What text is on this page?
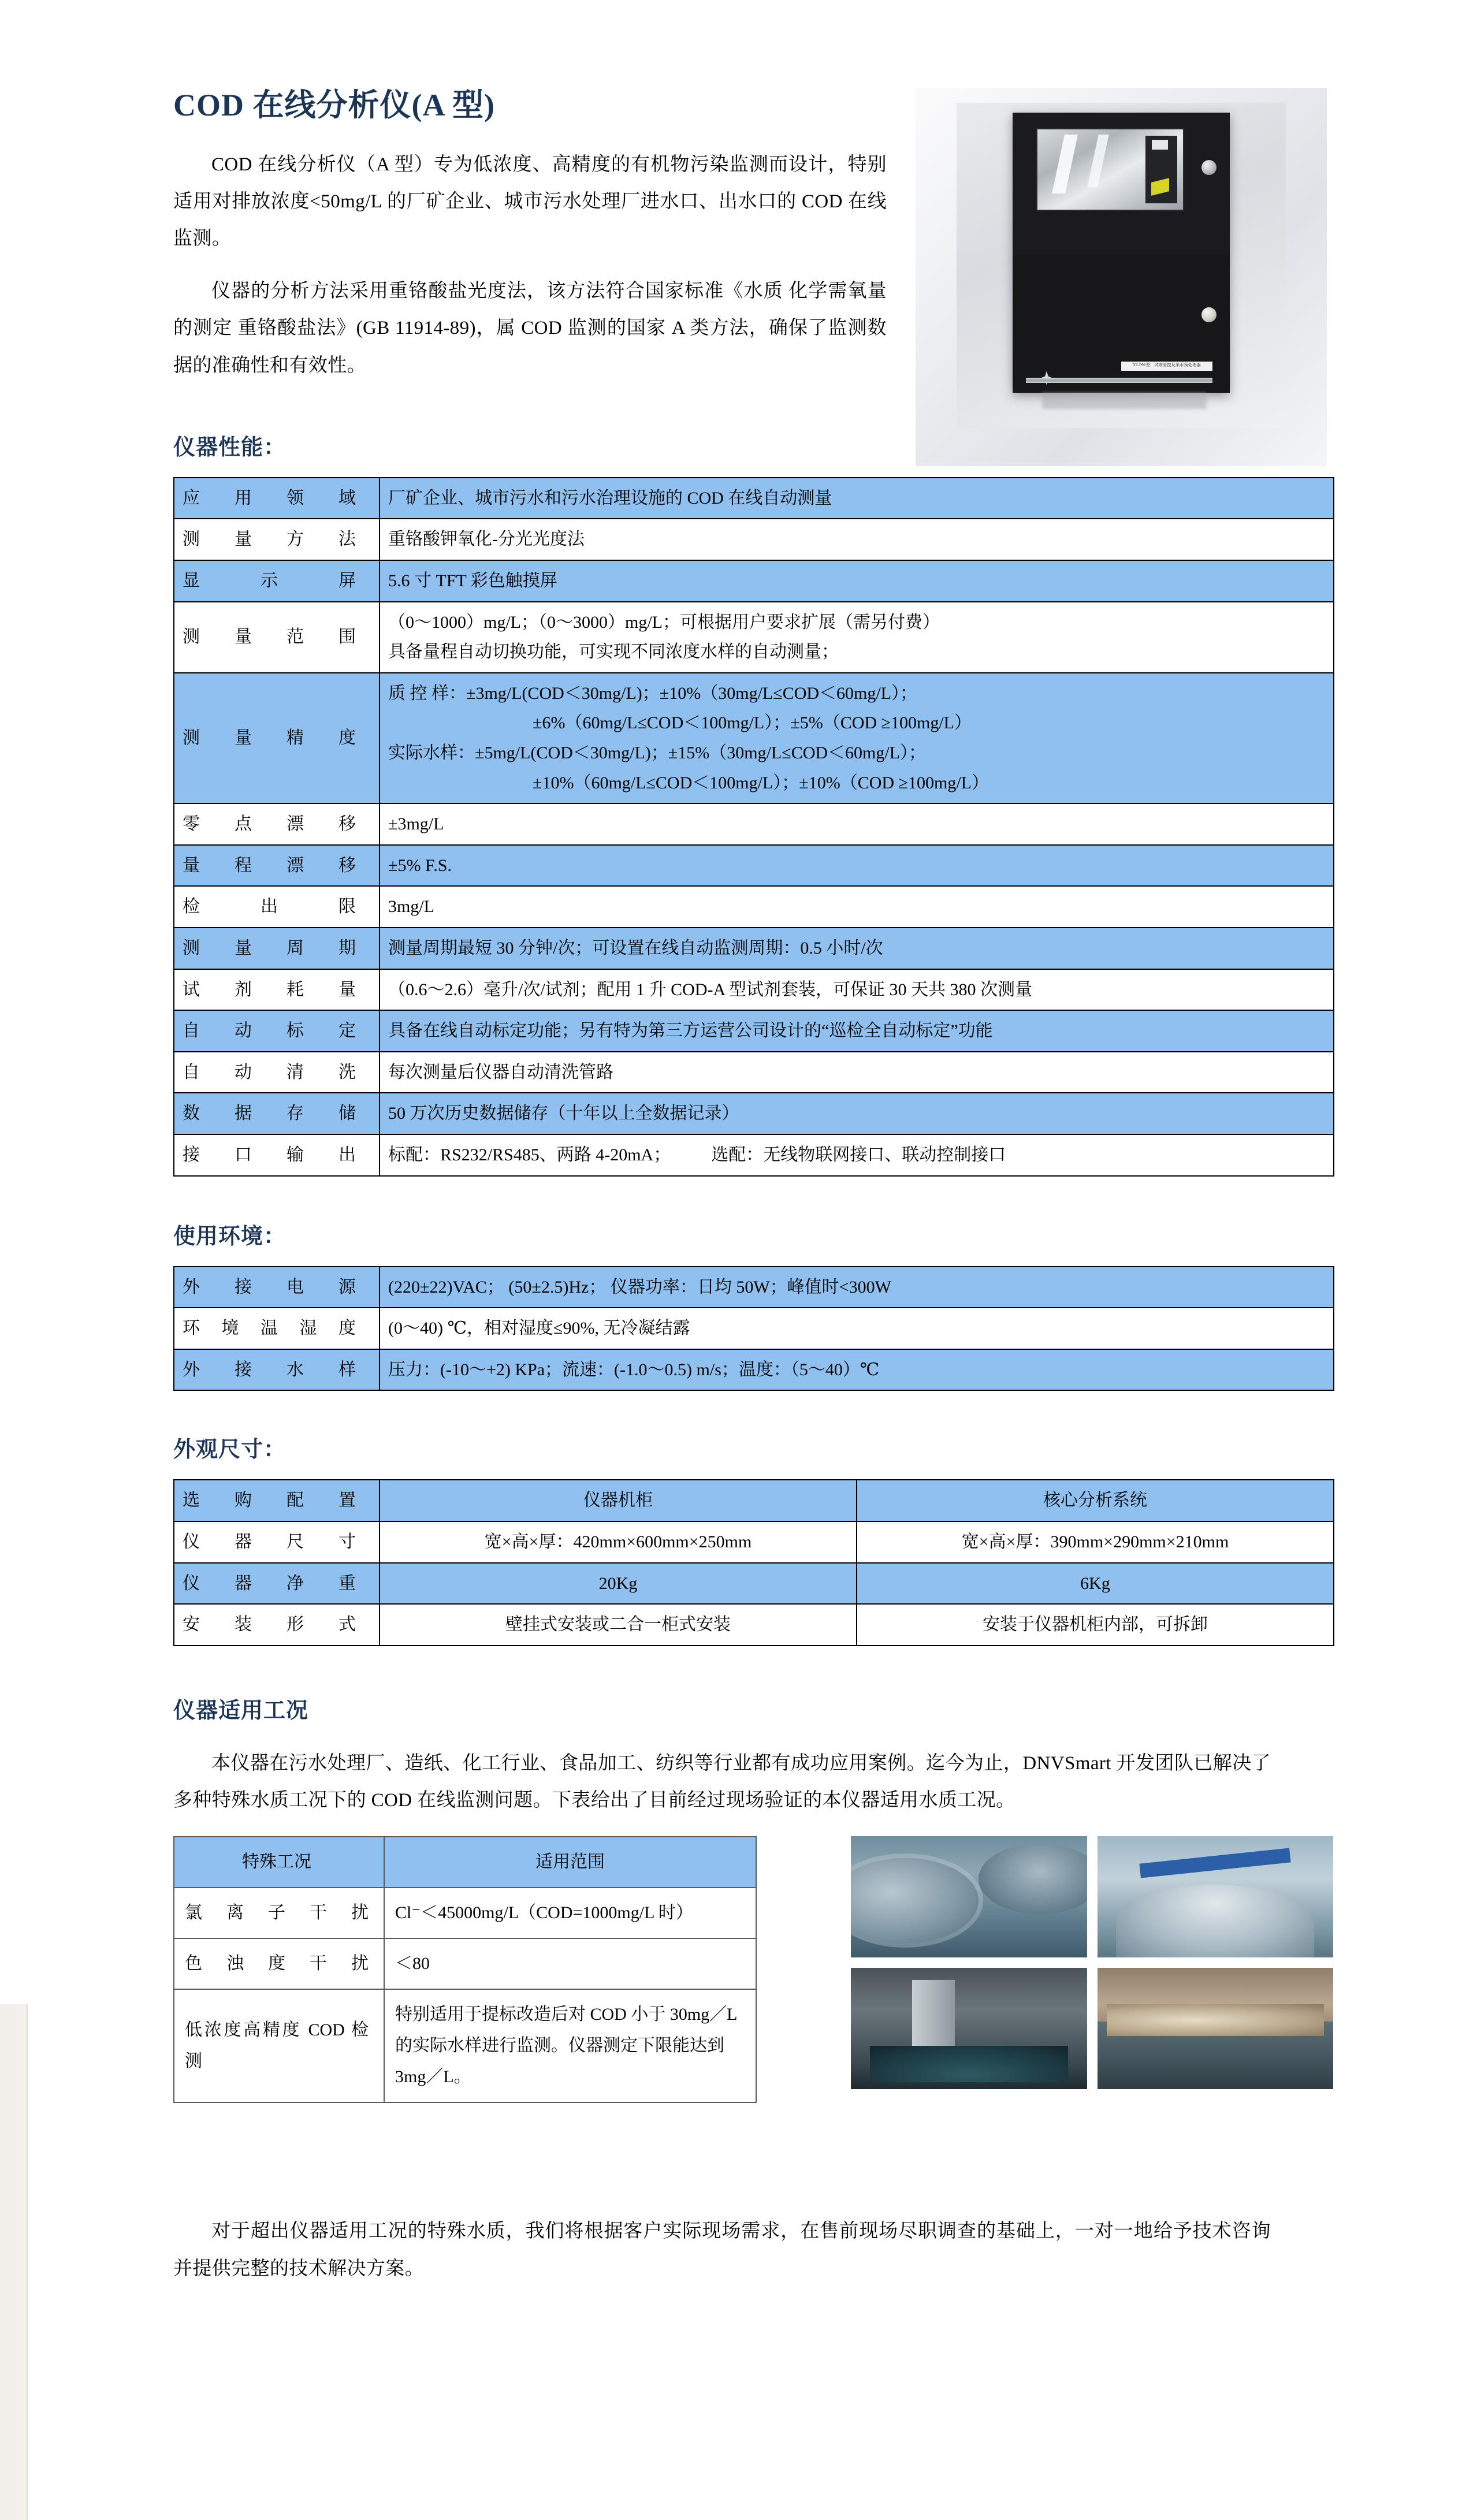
YJ-P01型　试剂管控及采水预处理器
COD 在线分析仪(A 型)

COD 在线分析仪（A 型）专为低浓度、高精度的有机物污染监测而设计，特别适用对排放浓度<50mg/L 的厂矿企业、城市污水处理厂进水口、出水口的 COD 在线监测。

仪器的分析方法采用重铬酸盐光度法，该方法符合国家标准《水质 化学需氧量的测定 重铬酸盐法》(GB 11914-89)，属 COD 监测的国家 A 类方法，确保了监测数据的准确性和有效性。

仪器性能：
应用领域	厂矿企业、城市污水和污水治理设施的 COD 在线自动测量
测量方法	重铬酸钾氧化-分光光度法
显示屏	5.6 寸 TFT 彩色触摸屏
测量范围	（0～1000）mg/L；（0～3000）mg/L；可根据用户要求扩展（需另付费）
具备量程自动切换功能，可实现不同浓度水样的自动测量；

测量精度	质 控 样：±3mg/L(COD＜30mg/L)；±10%（30mg/L≤COD＜60mg/L）；
±6%（60mg/L≤COD＜100mg/L）；±5%（COD ≥100mg/L）
实际水样：±5mg/L(COD＜30mg/L)；±15%（30mg/L≤COD＜60mg/L）；
±10%（60mg/L≤COD＜100mg/L）；±10%（COD ≥100mg/L）

零点漂移	±3mg/L
量程漂移	±5% F.S.
检 出 限	3mg/L
测量周期	测量周期最短 30 分钟/次；可设置在线自动监测周期：0.5 小时/次
试剂耗量	（0.6～2.6）毫升/次/试剂；配用 1 升 COD-A 型试剂套装，可保证 30 天共 380 次测量
自动标定	具备在线自动标定功能；另有特为第三方运营公司设计的“巡检全自动标定”功能
自动清洗	每次测量后仪器自动清洗管路
数据存储	50 万次历史数据储存（十年以上全数据记录）
接口输出	标配：RS232/RS485、两路 4-20mA； 选配：无线物联网接口、联动控制接口
使用环境：
外接电源	(220±22)VAC； (50±2.5)Hz； 仪器功率：日均 50W；峰值时<300W
环境温湿度	(0～40) ℃，相对湿度≤90%, 无冷凝结露
外接水样	压力：(-10～+2) KPa；流速：(-1.0～0.5) m/s；温度：（5～40）℃
外观尺寸：
选购配置	仪器机柜	核心分析系统
仪器尺寸	宽×高×厚：420mm×600mm×250mm	宽×高×厚：390mm×290mm×210mm
仪器净重	20Kg	6Kg
安装形式	壁挂式安装或二合一柜式安装	安装于仪器机柜内部，可拆卸
仪器适用工况

本仪器在污水处理厂、造纸、化工行业、食品加工、纺织等行业都有成功应用案例。迄今为止，DNVSmart 开发团队已解决了多种特殊水质工况下的 COD 在线监测问题。下表给出了目前经过现场验证的本仪器适用水质工况。

特殊工况	适用范围
氯离子干扰	Cl⁻＜45000mg/L（COD=1000mg/L 时）
色浊度干扰	＜80
低浓度高精度 COD 检测	特别适用于提标改造后对 COD 小于 30mg／L 的实际水样进行监测。仪器测定下限能达到 3mg／L。

对于超出仪器适用工况的特殊水质，我们将根据客户实际现场需求，在售前现场尽职调查的基础上，一对一地给予技术咨询并提供完整的技术解决方案。
